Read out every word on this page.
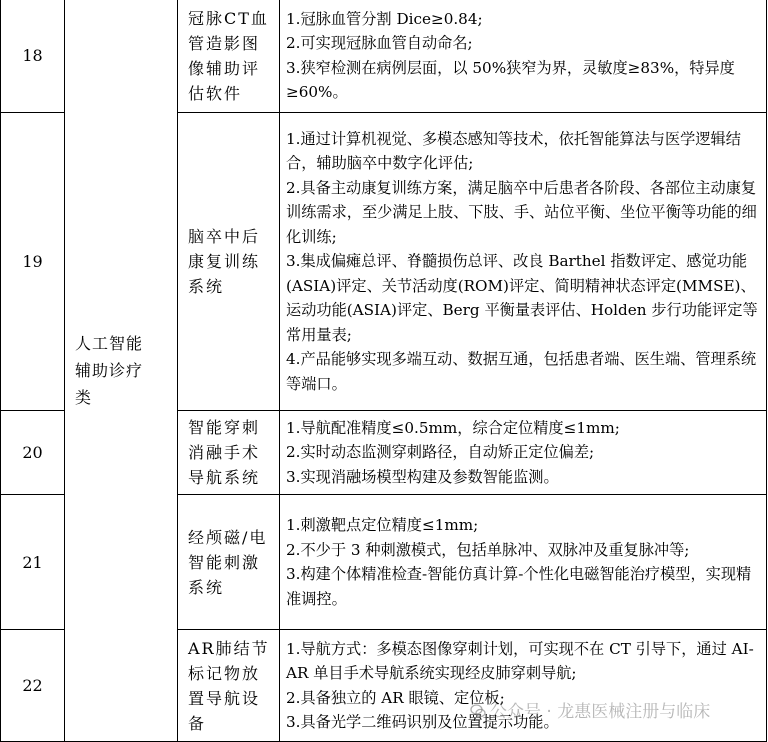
18	人工智能辅助诊疗类	冠脉CT血管造影图像辅助评估软件	1.冠脉血管分割 Dice≥0.84;
2.可实现冠脉血管自动命名;
3.狭窄检测在病例层面，以 50%狭窄为界，灵敏度≥83%，特异度≥60%。

19		脑卒中后康复训练系统	1.通过计算机视觉、多模态感知等技术，依托智能算法与医学逻辑结合，辅助脑卒中数字化评估;
2.具备主动康复训练方案，满足脑卒中后患者各阶段、各部位主动康复训练需求，至少满足上肢、下肢、手、站位平衡、坐位平衡等功能的细化训练;
3.集成偏瘫总评、脊髓损伤总评、改良 Barthel 指数评定、感觉功能(ASIA)评定、关节活动度(ROM)评定、简明精神状态评定(MMSE)、运动功能(ASIA)评定、Berg 平衡量表评估、Holden 步行功能评定等常用量表;
4.产品能够实现多端互动、数据互通，包括患者端、医生端、管理系统等端口。

20		智能穿刺消融手术导航系统	1.导航配准精度≤0.5mm，综合定位精度≤1mm;
2.实时动态监测穿刺路径，自动矫正定位偏差;
3.实现消融场模型构建及参数智能监测。

21		经颅磁/电智能刺激系统	1.刺激靶点定位精度≤1mm;
2.不少于 3 种刺激模式，包括单脉冲、双脉冲及重复脉冲等;
3.构建个体精准检查-智能仿真计算-个性化电磁智能治疗模型，实现精准调控。

22		AR肺结节标记物放置导航设备	1.导航方式：多模态图像穿刺计划，可实现不在 CT 引导下，通过 AI-AR 单目手术导航系统实现经皮肺穿刺导航;
2.具备独立的 AR 眼镜、定位板;
3.具备光学二维码识别及位置提示功能。
公众号 · 龙惠医械注册与临床
